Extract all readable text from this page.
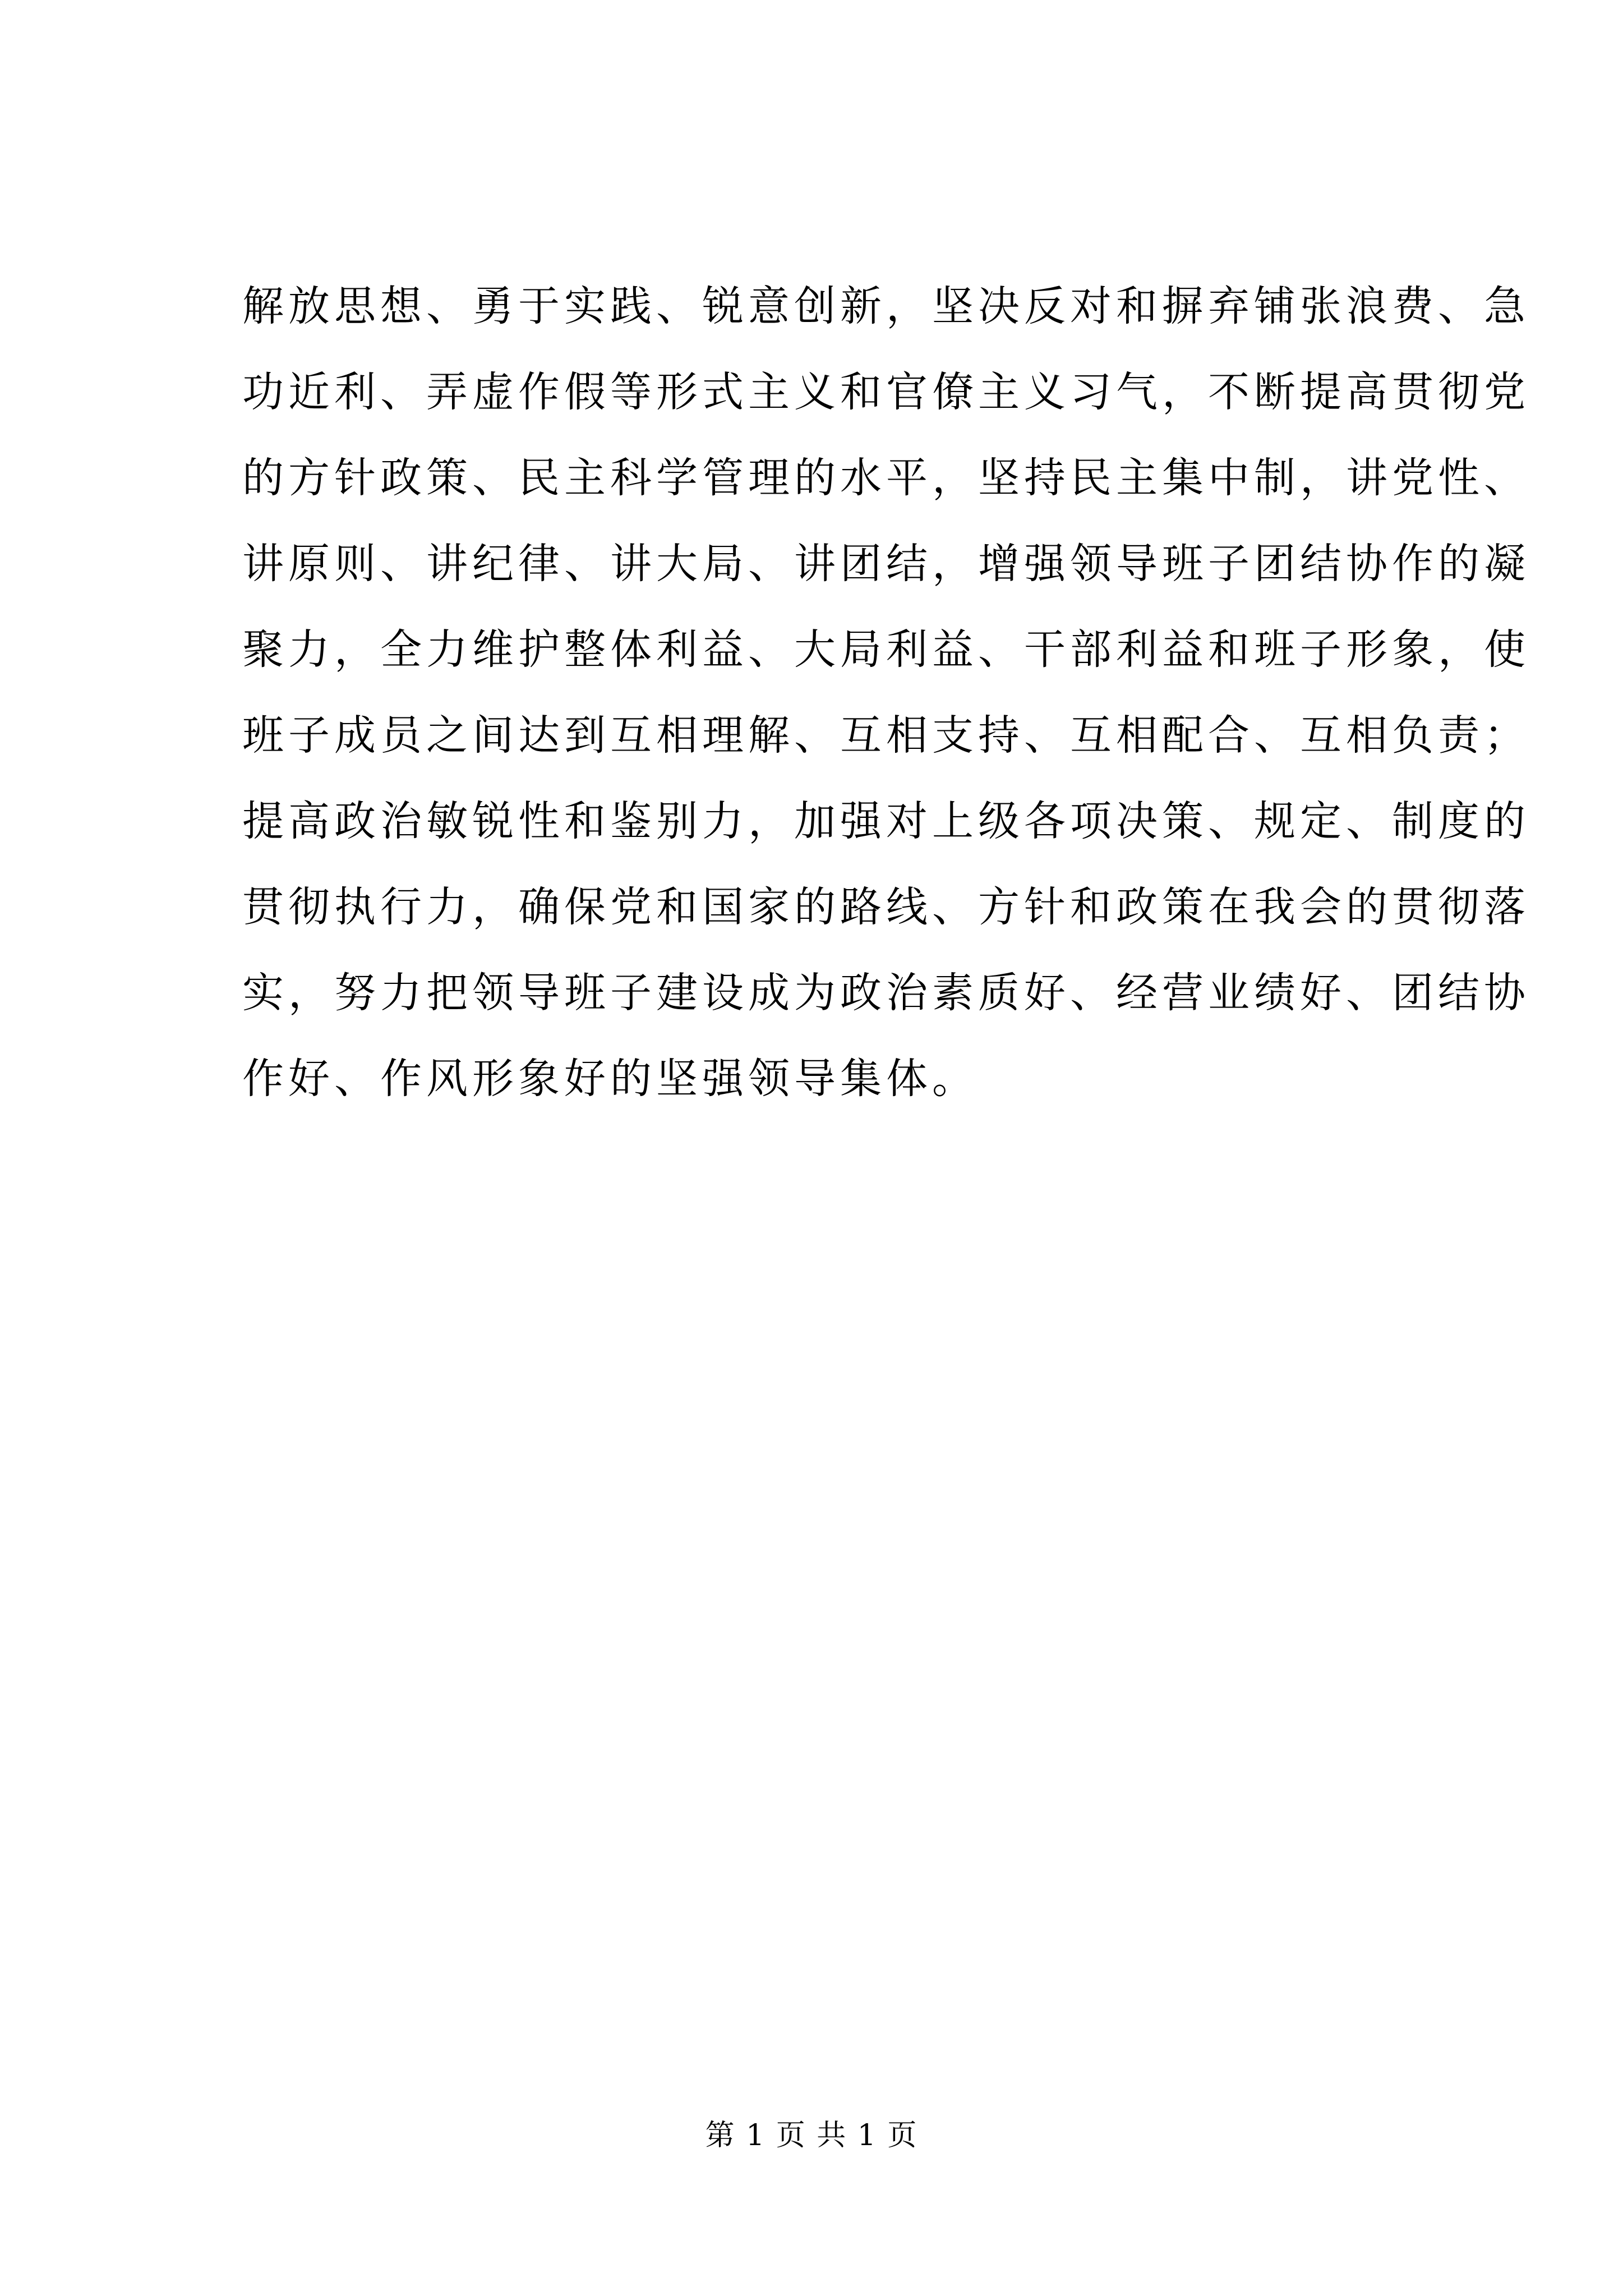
解放思想、勇于实践、锐意创新，坚决反对和摒弃铺张浪费、急
功近利、弄虚作假等形式主义和官僚主义习气，不断提高贯彻党
的方针政策、民主科学管理的水平，坚持民主集中制，讲党性、
讲原则、讲纪律、讲大局、讲团结，增强领导班子团结协作的凝
聚力，全力维护整体利益、大局利益、干部利益和班子形象，使
班子成员之间达到互相理解、互相支持、互相配合、互相负责；
提高政治敏锐性和鉴别力，加强对上级各项决策、规定、制度的
贯彻执行力，确保党和国家的路线、方针和政策在我会的贯彻落
实，努力把领导班子建设成为政治素质好、经营业绩好、团结协
作好、作风形象好的坚强领导集体。
第 1 页 共 1 页
